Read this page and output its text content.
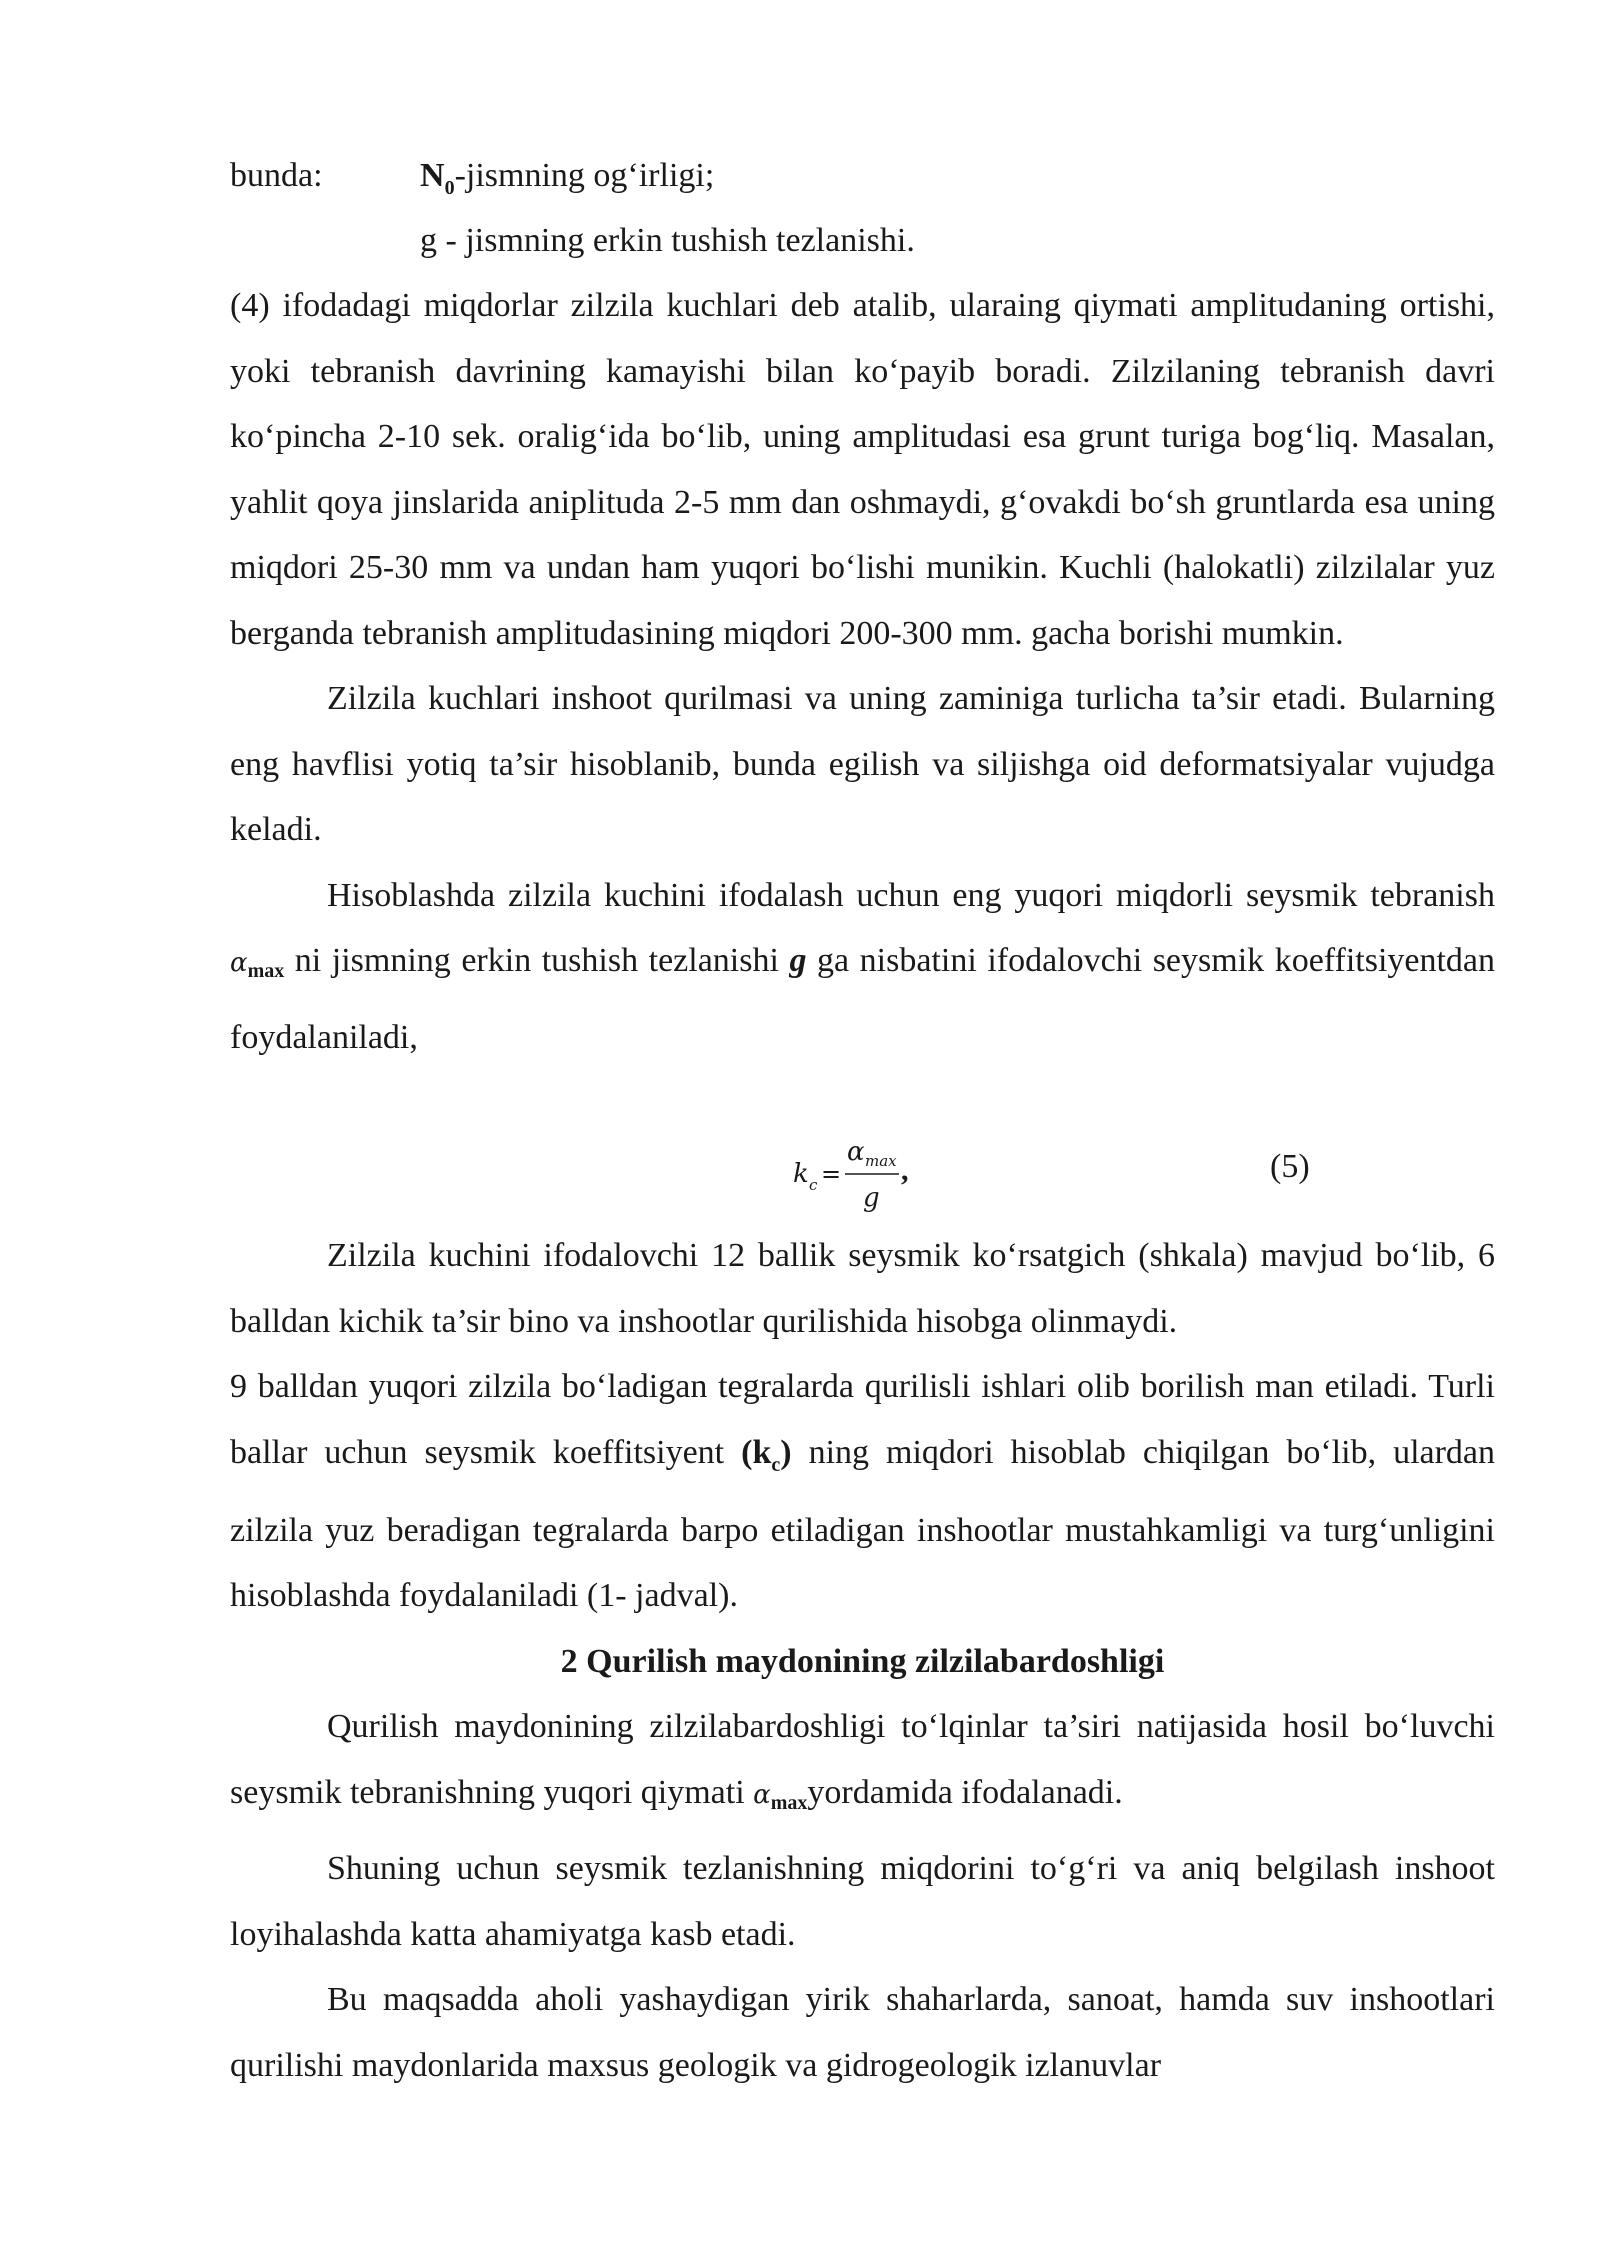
bunda:	$N_0$-jismning og‘irligi;
g - jismning erkin tushish tezlanishi.

(4) ifodadagi miqdorlar zilzila kuchlari deb atalib, ularaing qiymati amplitudaning ortishi, yoki tebranish davrining kamayishi bilan ko‘payib boradi. Zilzilaning tebranish davri ko‘pincha 2-10 sek. oralig‘ida bo‘lib, uning amplitudasi esa grunt turiga bog‘liq. Masalan, yahlit qoya jinslarida aniplituda 2-5 mm dan oshmaydi, g‘ovakdi bo‘sh gruntlarda esa uning miqdori 25-30 mm va undan ham yuqori bo‘lishi munikin. Kuchli (halokatli) zilzilalar yuz berganda tebranish amplitudasining miqdori 200-300 mm. gacha borishi mumkin.

Zilzila kuchlari inshoot qurilmasi va uning zaminiga turlicha ta’sir etadi. Bularning eng havflisi yotiq ta’sir hisoblanib, bunda egilish va siljishga oid deformatsiyalar vujudga keladi.

Hisoblashda zilzila kuchini ifodalash uchun eng yuqori miqdorli seysmik tebranish $\alpha_{max}$ ni jismning erkin tushish tezlanishi g ga nisbatini ifodalovchi seysmik koeffitsiyentdan foydalaniladi,

k c =
α max
g
,	(5)

Zilzila kuchini ifodalovchi 12 ballik seysmik ko‘rsatgich (shkala) mavjud bo‘lib, 6 balldan kichik ta’sir bino va inshootlar qurilishida hisobga olinmaydi.

9 balldan yuqori zilzila bo‘ladigan tegralarda qurilisli ishlari olib borilish man etiladi. Turli ballar uchun seysmik koeffitsiyent $(k_c)$ ning miqdori hisoblab chiqilgan bo‘lib, ulardan zilzila yuz beradigan tegralarda barpo etiladigan inshootlar mustahkamligi va turg‘unligini hisoblashda foydalaniladi (1- jadval).

2 Qurilish maydonining zilzilabardoshligi

Qurilish maydonining zilzilabardoshligi to‘lqinlar ta’siri natijasida hosil bo‘luvchi seysmik tebranishning yuqori qiymati $\alpha_{max}yordamida$ ifodalanadi.

Shuning uchun seysmik tezlanishning miqdorini to‘g‘ri va aniq belgilash inshoot loyihalashda katta ahamiyatga kasb etadi.

Bu maqsadda aholi yashaydigan yirik shaharlarda, sanoat, hamda suv inshootlari qurilishi maydonlarida maxsus geologik va gidrogeologik izlanuvlar
